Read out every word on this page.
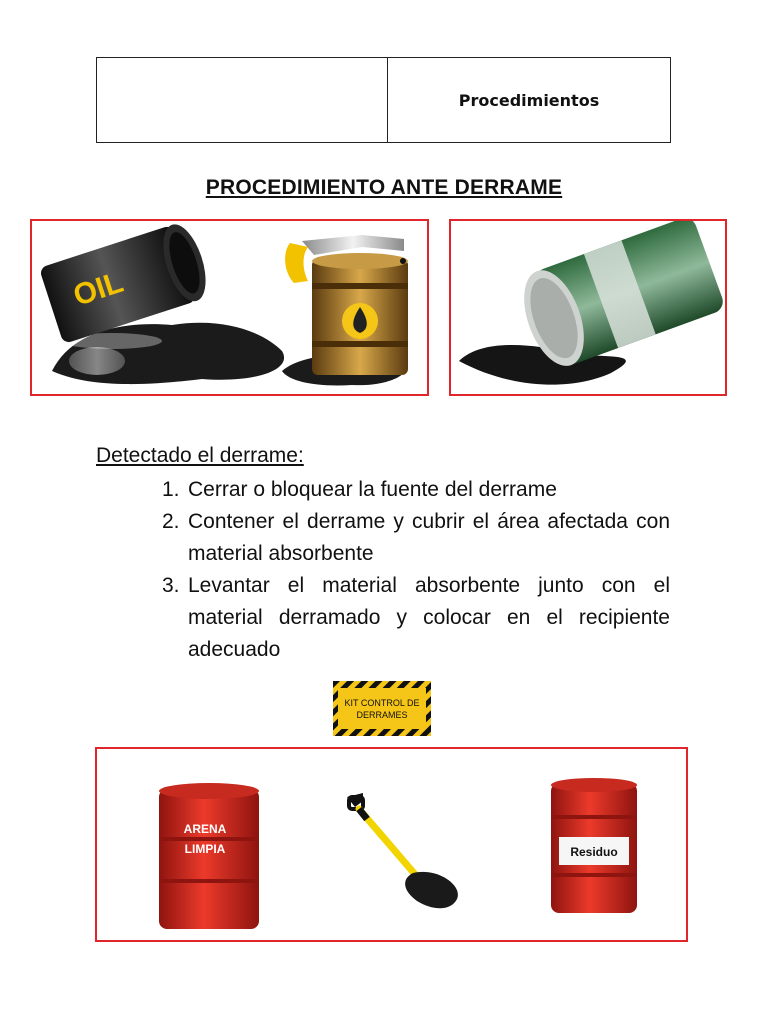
Procedimientos
PROCEDIMIENTO ANTE DERRAME
OIL
Detectado el derrame:
1. Cerrar o bloquear la fuente del derrame
2. Contener el derrame y cubrir el área afectada con material absorbente
3. Levantar el material absorbente junto con el material derramado y colocar en el recipiente adecuado
KIT CONTROL DE
DERRAMES
ARENA
LIMPIA	Residuo
